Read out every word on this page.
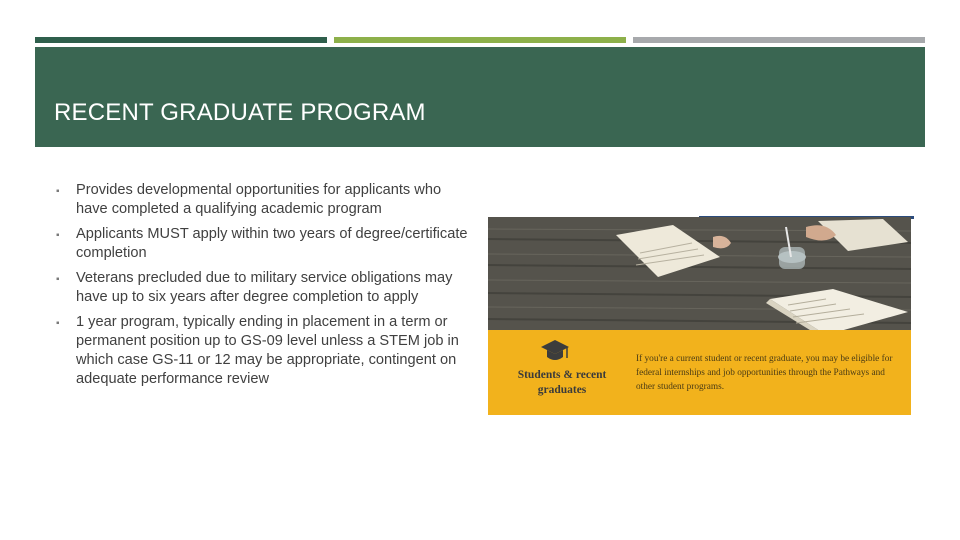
RECENT GRADUATE PROGRAM
▪ Provides developmental opportunities for applicants who have completed a qualifying academic program
▪ Applicants MUST apply within two years of degree/certificate completion
▪ Veterans precluded due to military service obligations may have up to six years after degree completion to apply
▪ 1 year program, typically ending in placement in a term or permanent position up to GS-09 level unless a STEM job in which case GS-11 or 12 may be appropriate, contingent on adequate performance review	Students & recent graduates
If you're a current student or recent graduate, you may be eligible for federal internships and job opportunities through the Pathways and other student programs.
